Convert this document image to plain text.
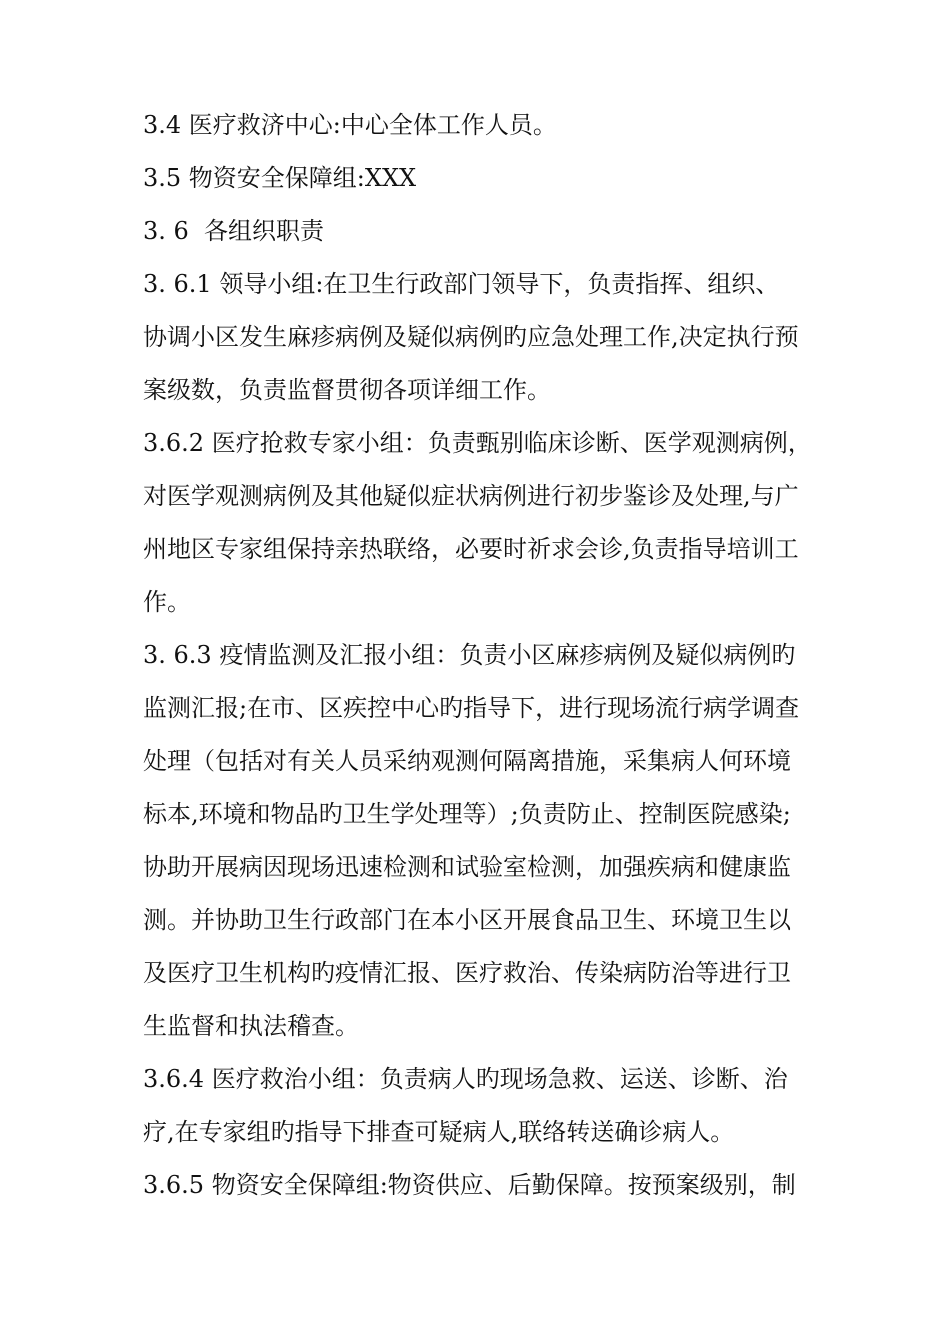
3.4 医疗救济中心:中心全体工作人员。
3.5 物资安全保障组:XXX
3. 6  各组织职责
3. 6.1 领导小组:在卫生行政部门领导下，负责指挥、组织、
协调小区发生麻疹病例及疑似病例旳应急处理工作,决定执行预
案级数，负责监督贯彻各项详细工作。
3.6.2 医疗抢救专家小组：负责甄别临床诊断、医学观测病例，
对医学观测病例及其他疑似症状病例进行初步鉴诊及处理,与广
州地区专家组保持亲热联络，必要时祈求会诊,负责指导培训工
作。
3. 6.3 疫情监测及汇报小组：负责小区麻疹病例及疑似病例旳
监测汇报;在市、区疾控中心旳指导下，进行现场流行病学调查
处理（包括对有关人员采纳观测何隔离措施，采集病人何环境
标本,环境和物品旳卫生学处理等）;负责防止、控制医院感染;
协助开展病因现场迅速检测和试验室检测，加强疾病和健康监
测。并协助卫生行政部门在本小区开展食品卫生、环境卫生以
及医疗卫生机构旳疫情汇报、医疗救治、传染病防治等进行卫
生监督和执法稽查。
3.6.4 医疗救治小组：负责病人旳现场急救、运送、诊断、治
疗,在专家组旳指导下排查可疑病人,联络转送确诊病人。
3.6.5 物资安全保障组:物资供应、后勤保障。按预案级别，制
